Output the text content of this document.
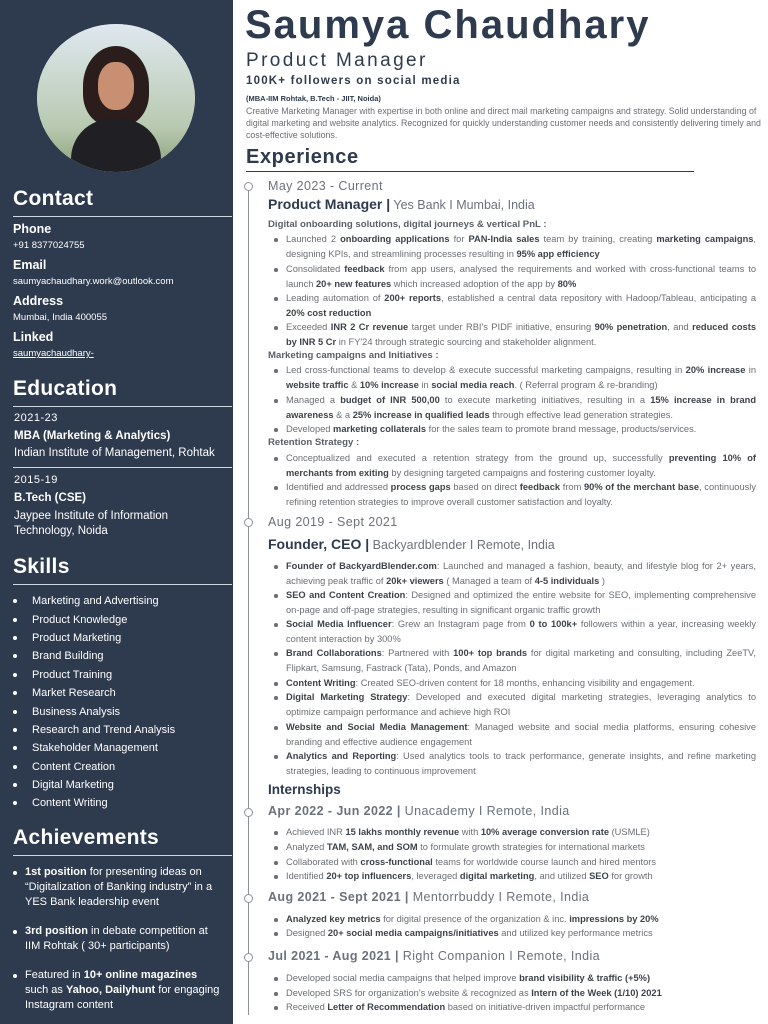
Contact
Phone
+91 8377024755
Email
saumyachaudhary.work@outlook.com
Address
Mumbai, India 400055
Linked
saumyachaudhary-
Education
2021-23
MBA (Marketing & Analytics)
Indian Institute of Management, Rohtak
2015-19
B.Tech (CSE)
Jaypee Institute of Information Technology, Noida
Skills
Marketing and Advertising
Product Knowledge
Product Marketing
Brand Building
Product Training
Market Research
Business Analysis
Research and Trend Analysis
Stakeholder Management
Content Creation
Digital Marketing
Content Writing
Achievements
1st position for presenting ideas on “Digitalization of Banking industry” in a YES Bank leadership event
3rd position in debate competition at IIM Rohtak ( 30+ participants)
Featured in 10+ online magazines such as Yahoo, Dailyhunt for engaging Instagram content
Saumya Chaudhary
Product Manager
100K+ followers on social media
(MBA-IIM Rohtak, B.Tech - JIIT, Noida)
Creative Marketing Manager with expertise in both online and direct mail marketing campaigns and strategy. Solid understanding of digital marketing and website analytics. Recognized for quickly understanding customer needs and consistently delivering timely and cost-effective solutions.
Experience
May 2023 - Current
Product Manager | Yes Bank I Mumbai, India
Digital onboarding solutions, digital journeys & vertical PnL :
Launched 2 onboarding applications for PAN-India sales team by training, creating marketing campaigns, designing KPIs, and streamlining processes resulting in 95% app efficiency
Consolidated feedback from app users, analysed the requirements and worked with cross-functional teams to launch 20+ new features which increased adoption of the app by 80%
Leading automation of 200+ reports, established a central data repository with Hadoop/Tableau, anticipating a 20% cost reduction
Exceeded INR 2 Cr revenue target under RBI's PIDF initiative, ensuring 90% penetration, and reduced costs by INR 5 Cr in FY'24 through strategic sourcing and stakeholder alignment.
Marketing campaigns and Initiatives :
Led cross-functional teams to develop & execute successful marketing campaigns, resulting in 20% increase in website traffic & 10% increase in social media reach. ( Referral program & re-branding)
Managed a budget of INR 500,00 to execute marketing initiatives, resulting in a 15% increase in brand awareness & a 25% increase in qualified leads through effective lead generation strategies.
Developed marketing collaterals for the sales team to promote brand message, products/services.
Retention Strategy :
Conceptualized and executed a retention strategy from the ground up, successfully preventing 10% of merchants from exiting by designing targeted campaigns and fostering customer loyalty.
Identified and addressed process gaps based on direct feedback from 90% of the merchant base, continuously refining retention strategies to improve overall customer satisfaction and loyalty.
Aug 2019 - Sept 2021
Founder, CEO | Backyardblender I Remote, India
Founder of BackyardBlender.com: Launched and managed a fashion, beauty, and lifestyle blog for 2+ years, achieving peak traffic of 20k+ viewers ( Managed a team of 4-5 individuals )
SEO and Content Creation: Designed and optimized the entire website for SEO, implementing comprehensive on-page and off-page strategies, resulting in significant organic traffic growth
Social Media Influencer: Grew an Instagram page from 0 to 100k+ followers within a year, increasing weekly content interaction by 300%
Brand Collaborations: Partnered with 100+ top brands for digital marketing and consulting, including ZeeTV, Flipkart, Samsung, Fastrack (Tata), Ponds, and Amazon
Content Writing: Created SEO-driven content for 18 months, enhancing visibility and engagement.
Digital Marketing Strategy: Developed and executed digital marketing strategies, leveraging analytics to optimize campaign performance and achieve high ROI
Website and Social Media Management: Managed website and social media platforms, ensuring cohesive branding and effective audience engagement
Analytics and Reporting: Used analytics tools to track performance, generate insights, and refine marketing strategies, leading to continuous improvement
Internships
Apr 2022 - Jun 2022 | Unacademy I Remote, India
Achieved INR 15 lakhs monthly revenue with 10% average conversion rate (USMLE)
Analyzed TAM, SAM, and SOM to formulate growth strategies for international markets
Collaborated with cross-functional teams for worldwide course launch and hired mentors
Identified 20+ top influencers, leveraged digital marketing, and utilized SEO for growth
Aug 2021 - Sept 2021 | Mentorrbuddy I Remote, India
Analyzed key metrics for digital presence of the organization & inc. impressions by 20%
Designed 20+ social media campaigns/initiatives and utilized key performance metrics
Jul 2021 - Aug 2021 | Right Companion I Remote, India
Developed social media campaigns that helped improve brand visibility & traffic (+5%)
Developed SRS for organization's website & recognized as Intern of the Week (1/10) 2021
Received Letter of Recommendation based on initiative-driven impactful performance
